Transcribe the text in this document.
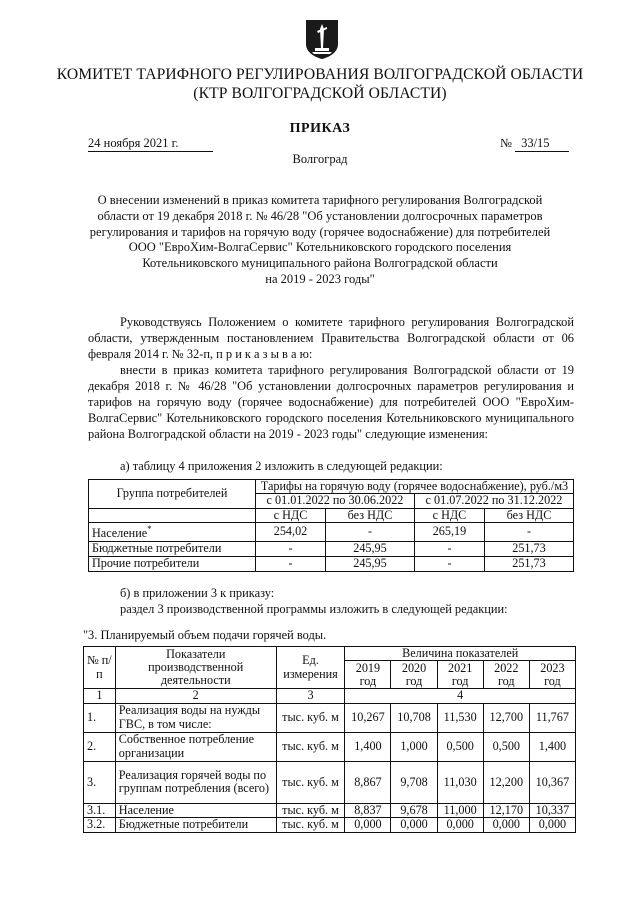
КОМИТЕТ ТАРИФНОГО РЕГУЛИРОВАНИЯ ВОЛГОГРАДСКОЙ ОБЛАСТИ
(КТР ВОЛГОГРАДСКОЙ ОБЛАСТИ)
ПРИКАЗ
24 ноября 2021 г.	№ 33/15
Волгоград
О внесении изменений в приказ комитета тарифного регулирования Волгоградской
области от 19 декабря 2018 г. № 46/28 "Об установлении долгосрочных параметров
регулирования и тарифов на горячую воду (горячее водоснабжение) для потребителей
ООО "ЕвроХим-ВолгаСервис" Котельниковского городского поселения
Котельниковского муниципального района Волгоградской области
на 2019 - 2023 годы"
Руководствуясь Положением о комитете тарифного регулирования Волгоградской области, утвержденным постановлением Правительства Волгоградской области от 06 февраля 2014 г. № 32-п, п р и к а з ы в а ю:
внести в приказ комитета тарифного регулирования Волгоградской области от 19 декабря 2018 г. № 46/28 "Об установлении долгосрочных параметров регулирования и тарифов на горячую воду (горячее водоснабжение) для потребителей ООО "ЕвроХим-ВолгаСервис" Котельниковского городского поселения Котельниковского муниципального района Волгоградской области на 2019 - 2023 годы" следующие изменения:
а) таблицу 4 приложения 2 изложить в следующей редакции:
Группа потребителей	Тарифы на горячую воду (горячее водоснабжение), руб./м3			
	с 01.01.2022 по 30.06.2022		с 01.07.2022 по 31.12.2022	
	с НДС	без НДС	с НДС	без НДС
Население*	254,02	-	265,19	-
Бюджетные потребители	-	245,95	-	251,73
Прочие потребители	-	245,95	-	251,73
б) в приложении 3 к приказу:
раздел 3 производственной программы изложить в следующей редакции:
"3. Планируемый объем подачи горячей воды.
№ п/п	Показатели производственной деятельности	Ед. измерения	Величина показателей				
			2019 год	2020 год	2021 год	2022 год	2023 год
1	2	3	4				
1.	Реализация воды на нужды ГВС, в том числе:	тыс. куб. м	10,267	10,708	11,530	12,700	11,767
2.	Собственное потребление организации	тыс. куб. м	1,400	1,000	0,500	0,500	1,400
3.	Реализация горячей воды по группам потребления (всего)	тыс. куб. м	8,867	9,708	11,030	12,200	10,367
3.1.	Население	тыс. куб. м	8,837	9,678	11,000	12,170	10,337
3.2.	Бюджетные потребители	тыс. куб. м	0,000	0,000	0,000	0,000	0,000
